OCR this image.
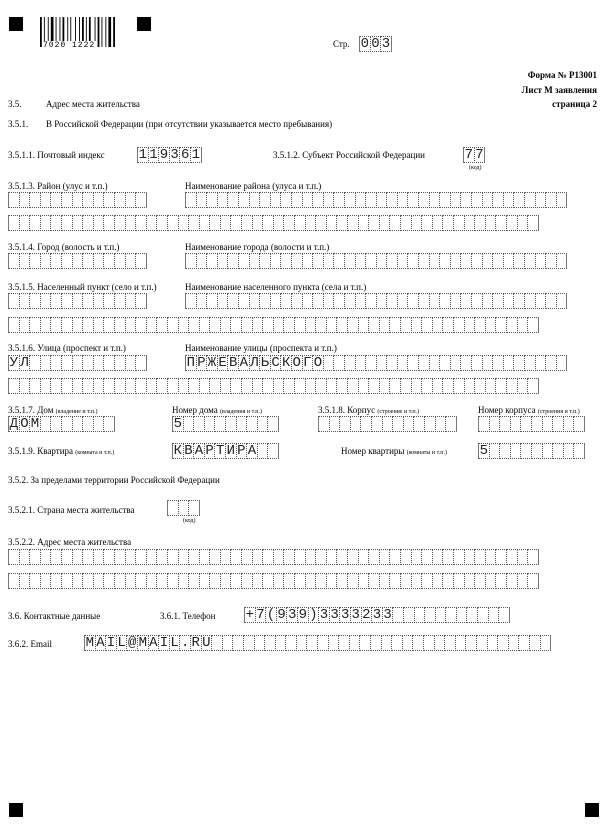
7020 1222	Стр. 0 0 3
Форма № Р13001
Лист М заявления
страница 2
3.5.	Адрес места жительства
3.5.1. В Российской Федерации (при отсутствии указывается место пребывания)
3.5.1.1. Почтовый индекс 1 1 9 3 6 1	3.5.1.2. Субъект Российской Федерации	7 7
(код)
3.5.1.3. Район (улус и т.п.)	Наименование района (улуса и т.п.)
3.5.1.4. Город (волость и т.п.)	Наименование города (волости и т.п.)
3.5.1.5. Населенный пункт (село и т.п.)	Наименование населенного пункта (села и т.п.)
3.5.1.6. Улица (проспект и т.п.)	Наименование улицы (проспекта и т.п.)
У Л	П Р Ж Е В А Л Ь С К О Г О
3.5.1.7. Дом (владение и т.п.)	Номер дома (владения и т.п.)	3.5.1.8. Корпус (строение и т.п.)	Номер корпуса (строения и т.п.)
Д О М	5
3.5.1.9. Квартира (комната и т.п.)	К В А Р Т И Р А	Номер квартиры (комнаты и т.п.) 5
3.5.2. За пределами территории Российской Федерации
3.5.2.1. Страна места жительства
(код)
3.5.2.2. Адрес места жительства
3.6. Контактные данные	3.6.1. Телефон + 7 ( 9 3 9 ) 3 3 3 3 2 3 3
3.6.2. Email M A I L @ M A I L . R U
